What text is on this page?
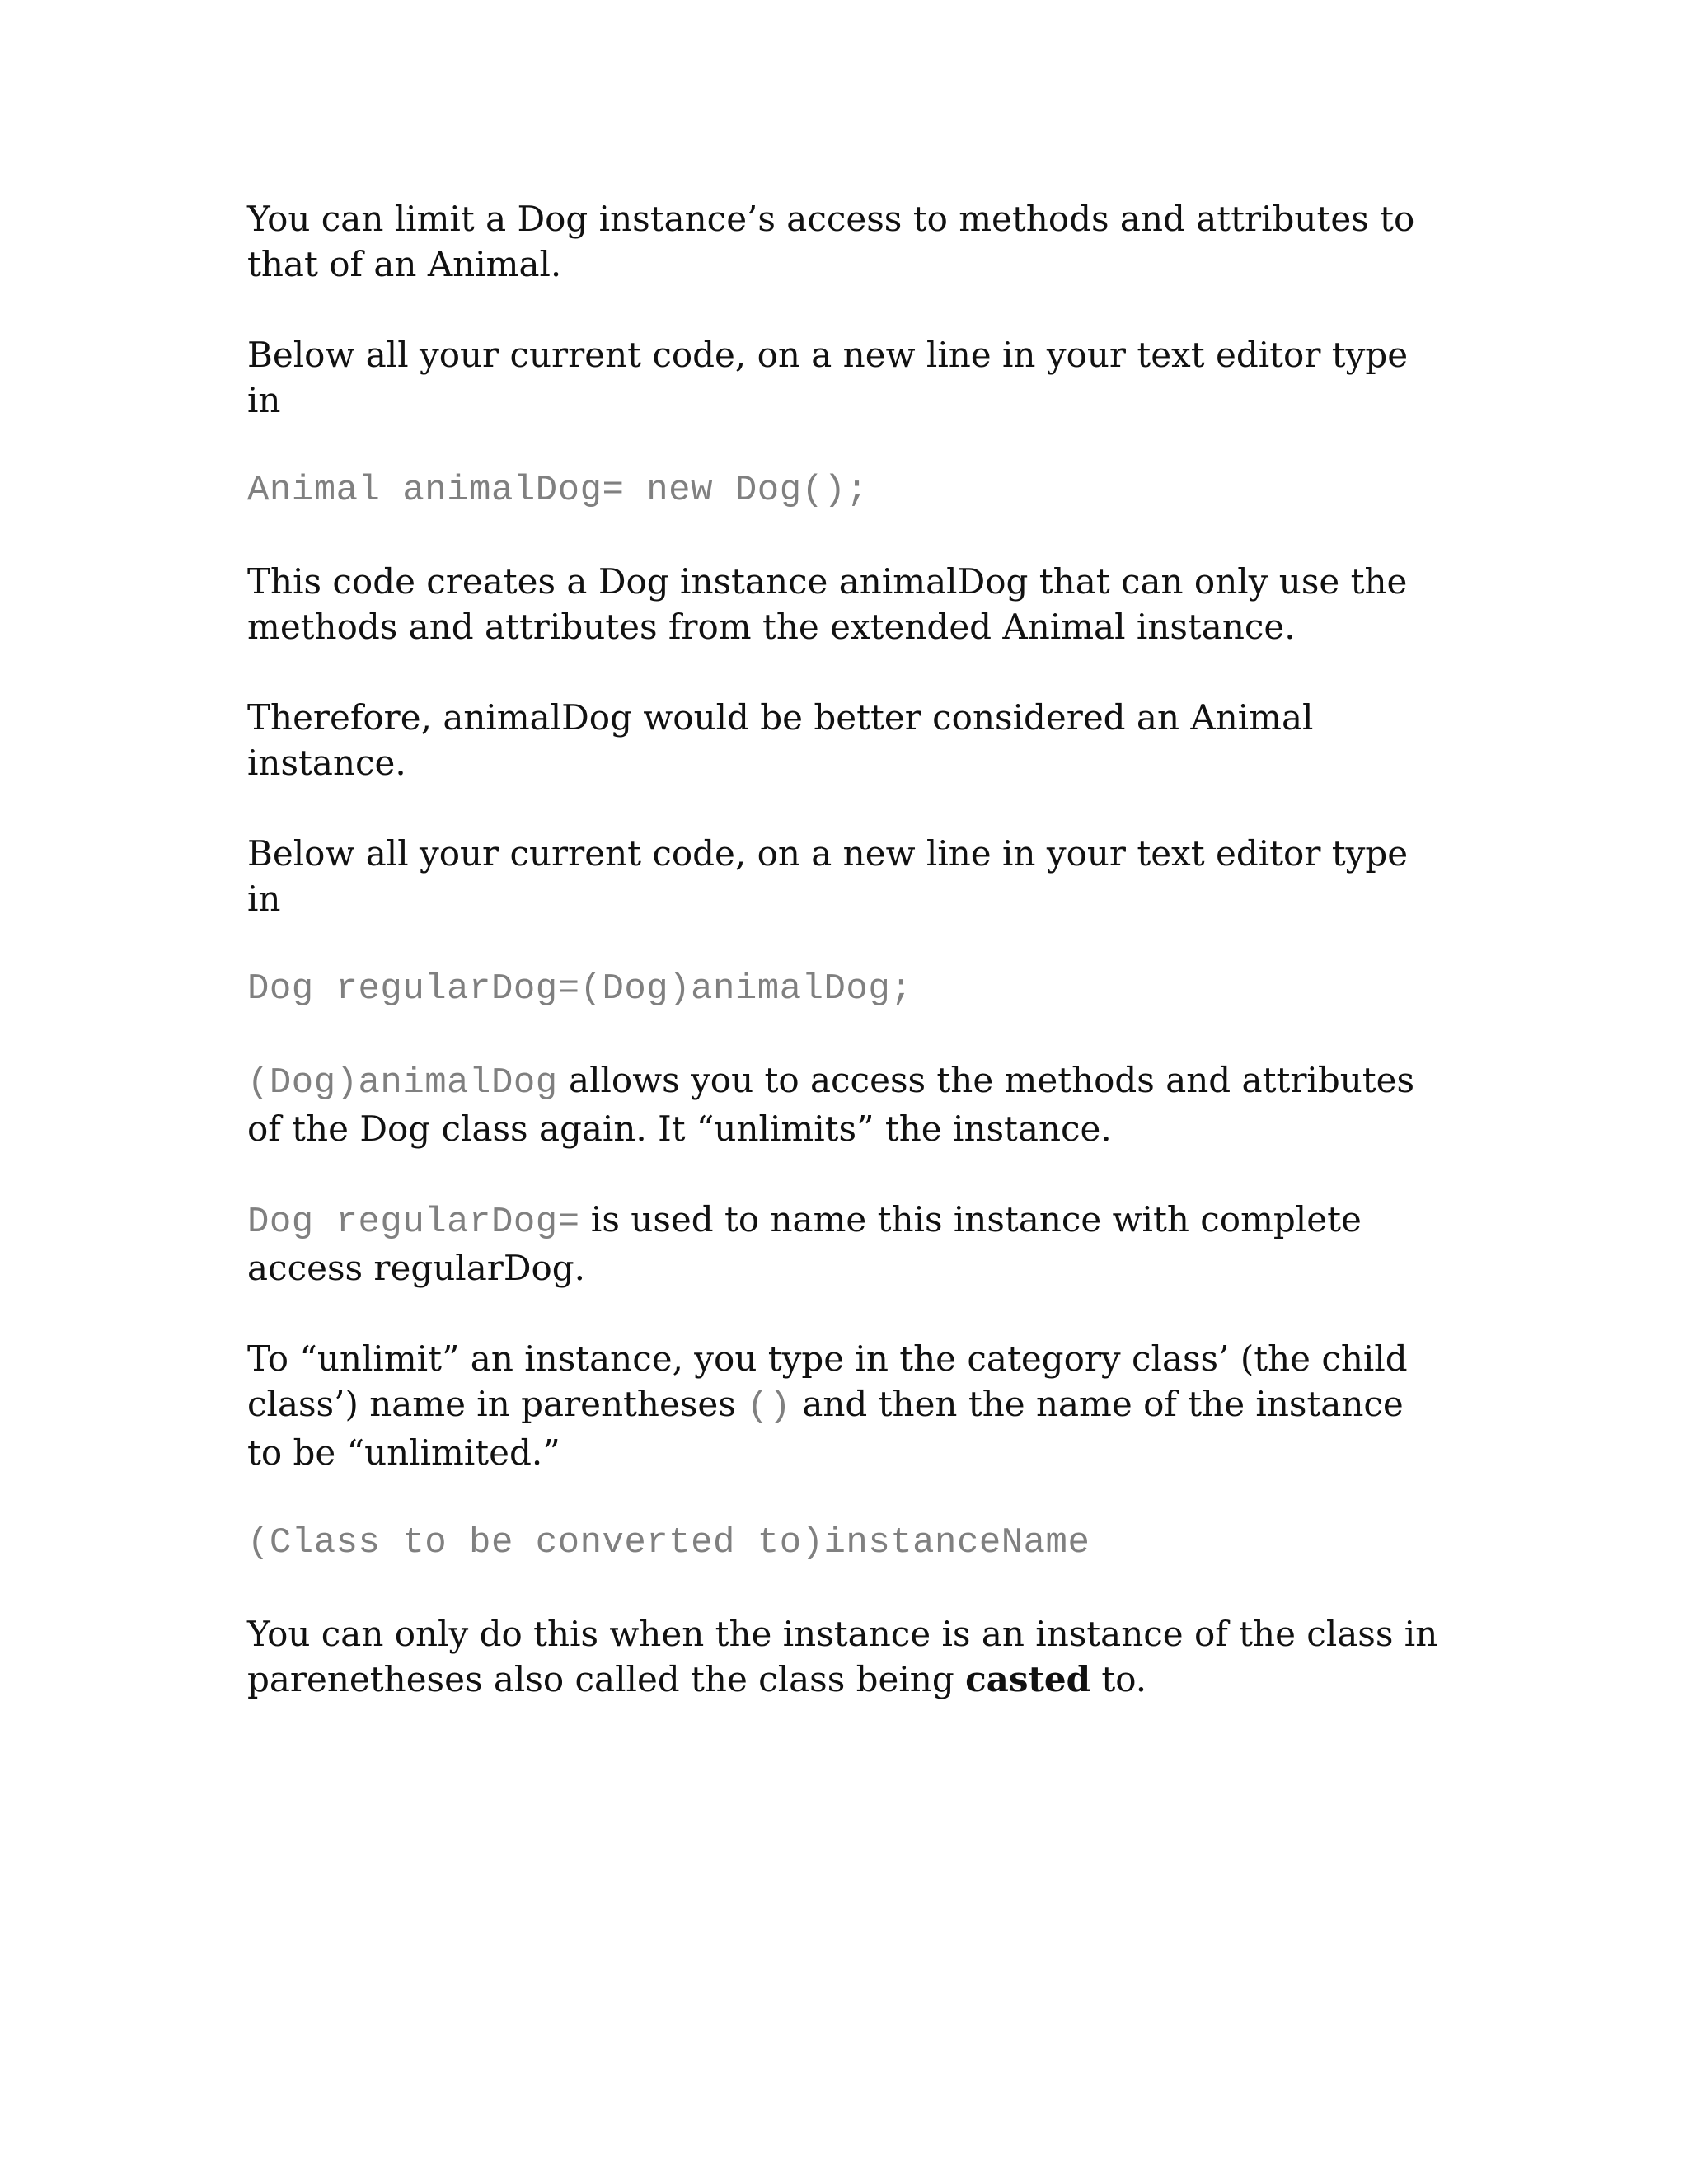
You can limit a Dog instance’s access to methods and attributes to that of an Animal.

Below all your current code, on a new line in your text editor type in

Animal animalDog= new Dog();

This code creates a Dog instance animalDog that can only use the methods and attributes from the extended Animal instance.

Therefore, animalDog would be better considered an Animal instance.

Below all your current code, on a new line in your text editor type in

Dog regularDog=(Dog)animalDog;

(Dog)animalDog allows you to access the methods and attributes of the Dog class again. It “unlimits” the instance.

Dog regularDog= is used to name this instance with complete access regularDog.

To “unlimit” an instance, you type in the category class’ (the child class’) name in parentheses () and then the name of the instance to be “unlimited.”

(Class to be converted to)instanceName

You can only do this when the instance is an instance of the class in parenetheses also called the class being casted to.
